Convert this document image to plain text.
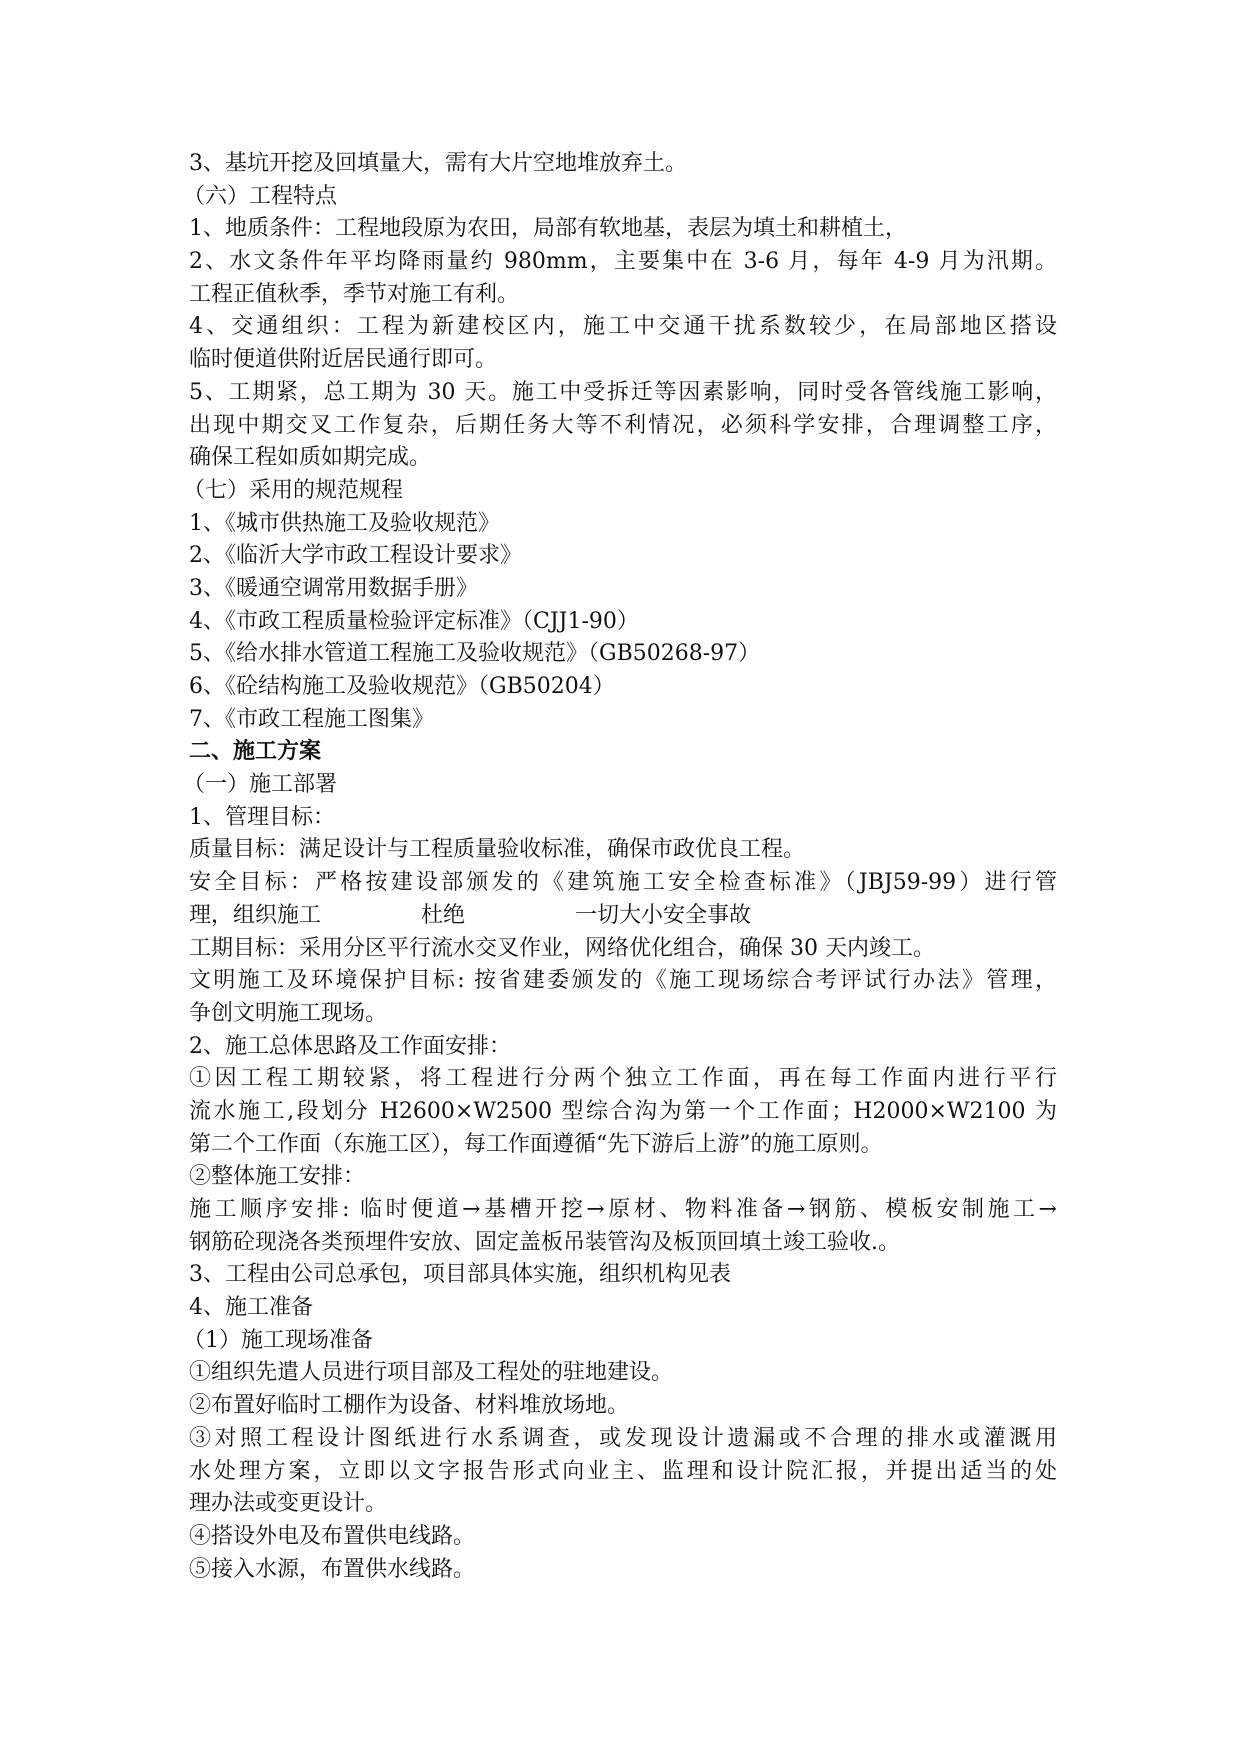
3、基坑开挖及回填量大，需有大片空地堆放弃土。
（六）工程特点
1、地质条件：工程地段原为农田，局部有软地基，表层为填土和耕植土，
2、水文条件年平均降雨量约 980mm，主要集中在 3-6 月，每年 4-9 月为汛期。
工程正值秋季，季节对施工有利。
4、交通组织：工程为新建校区内，施工中交通干扰系数较少，在局部地区搭设
临时便道供附近居民通行即可。
5、工期紧，总工期为 30 天。施工中受拆迁等因素影响，同时受各管线施工影响，
出现中期交叉工作复杂，后期任务大等不利情况，必须科学安排，合理调整工序，
确保工程如质如期完成。
（七）采用的规范规程
1、《城市供热施工及验收规范》
2、《临沂大学市政工程设计要求》
3、《暖通空调常用数据手册》
4、《市政工程质量检验评定标准》（CJJ1-90）
5、《给水排水管道工程施工及验收规范》（GB50268-97）
6、《砼结构施工及验收规范》（GB50204）
7、《市政工程施工图集》
二、施工方案
（一）施工部署
1、管理目标：
质量目标：满足设计与工程质量验收标准，确保市政优良工程。
安全目标：严格按建设部颁发的《建筑施工安全检查标准》（JBJ59-99）进行管
理，组织施工	杜绝	一切大小安全事故
工期目标：采用分区平行流水交叉作业，网络优化组合，确保 30 天内竣工。
文明施工及环境保护目标: 按省建委颁发的《施工现场综合考评试行办法》管理，
争创文明施工现场。
2、施工总体思路及工作面安排：
①因工程工期较紧，将工程进行分两个独立工作面，再在每工作面内进行平行
流水施工,段划分 H2600×W2500 型综合沟为第一个工作面；H2000×W2100 为
第二个工作面（东施工区），每工作面遵循“先下游后上游”的施工原则。
②整体施工安排：
施工顺序安排: 临时便道→基槽开挖→原材、物料准备→钢筋、模板安制施工→
钢筋砼现浇各类预埋件安放、固定盖板吊装管沟及板顶回填土竣工验收.。
3、工程由公司总承包，项目部具体实施，组织机构见表
4、施工准备
（1）施工现场准备
①组织先遣人员进行项目部及工程处的驻地建设。
②布置好临时工棚作为设备、材料堆放场地。
③对照工程设计图纸进行水系调查，或发现设计遗漏或不合理的排水或灌溉用
水处理方案，立即以文字报告形式向业主、监理和设计院汇报，并提出适当的处
理办法或变更设计。
④搭设外电及布置供电线路。
⑤接入水源，布置供水线路。
